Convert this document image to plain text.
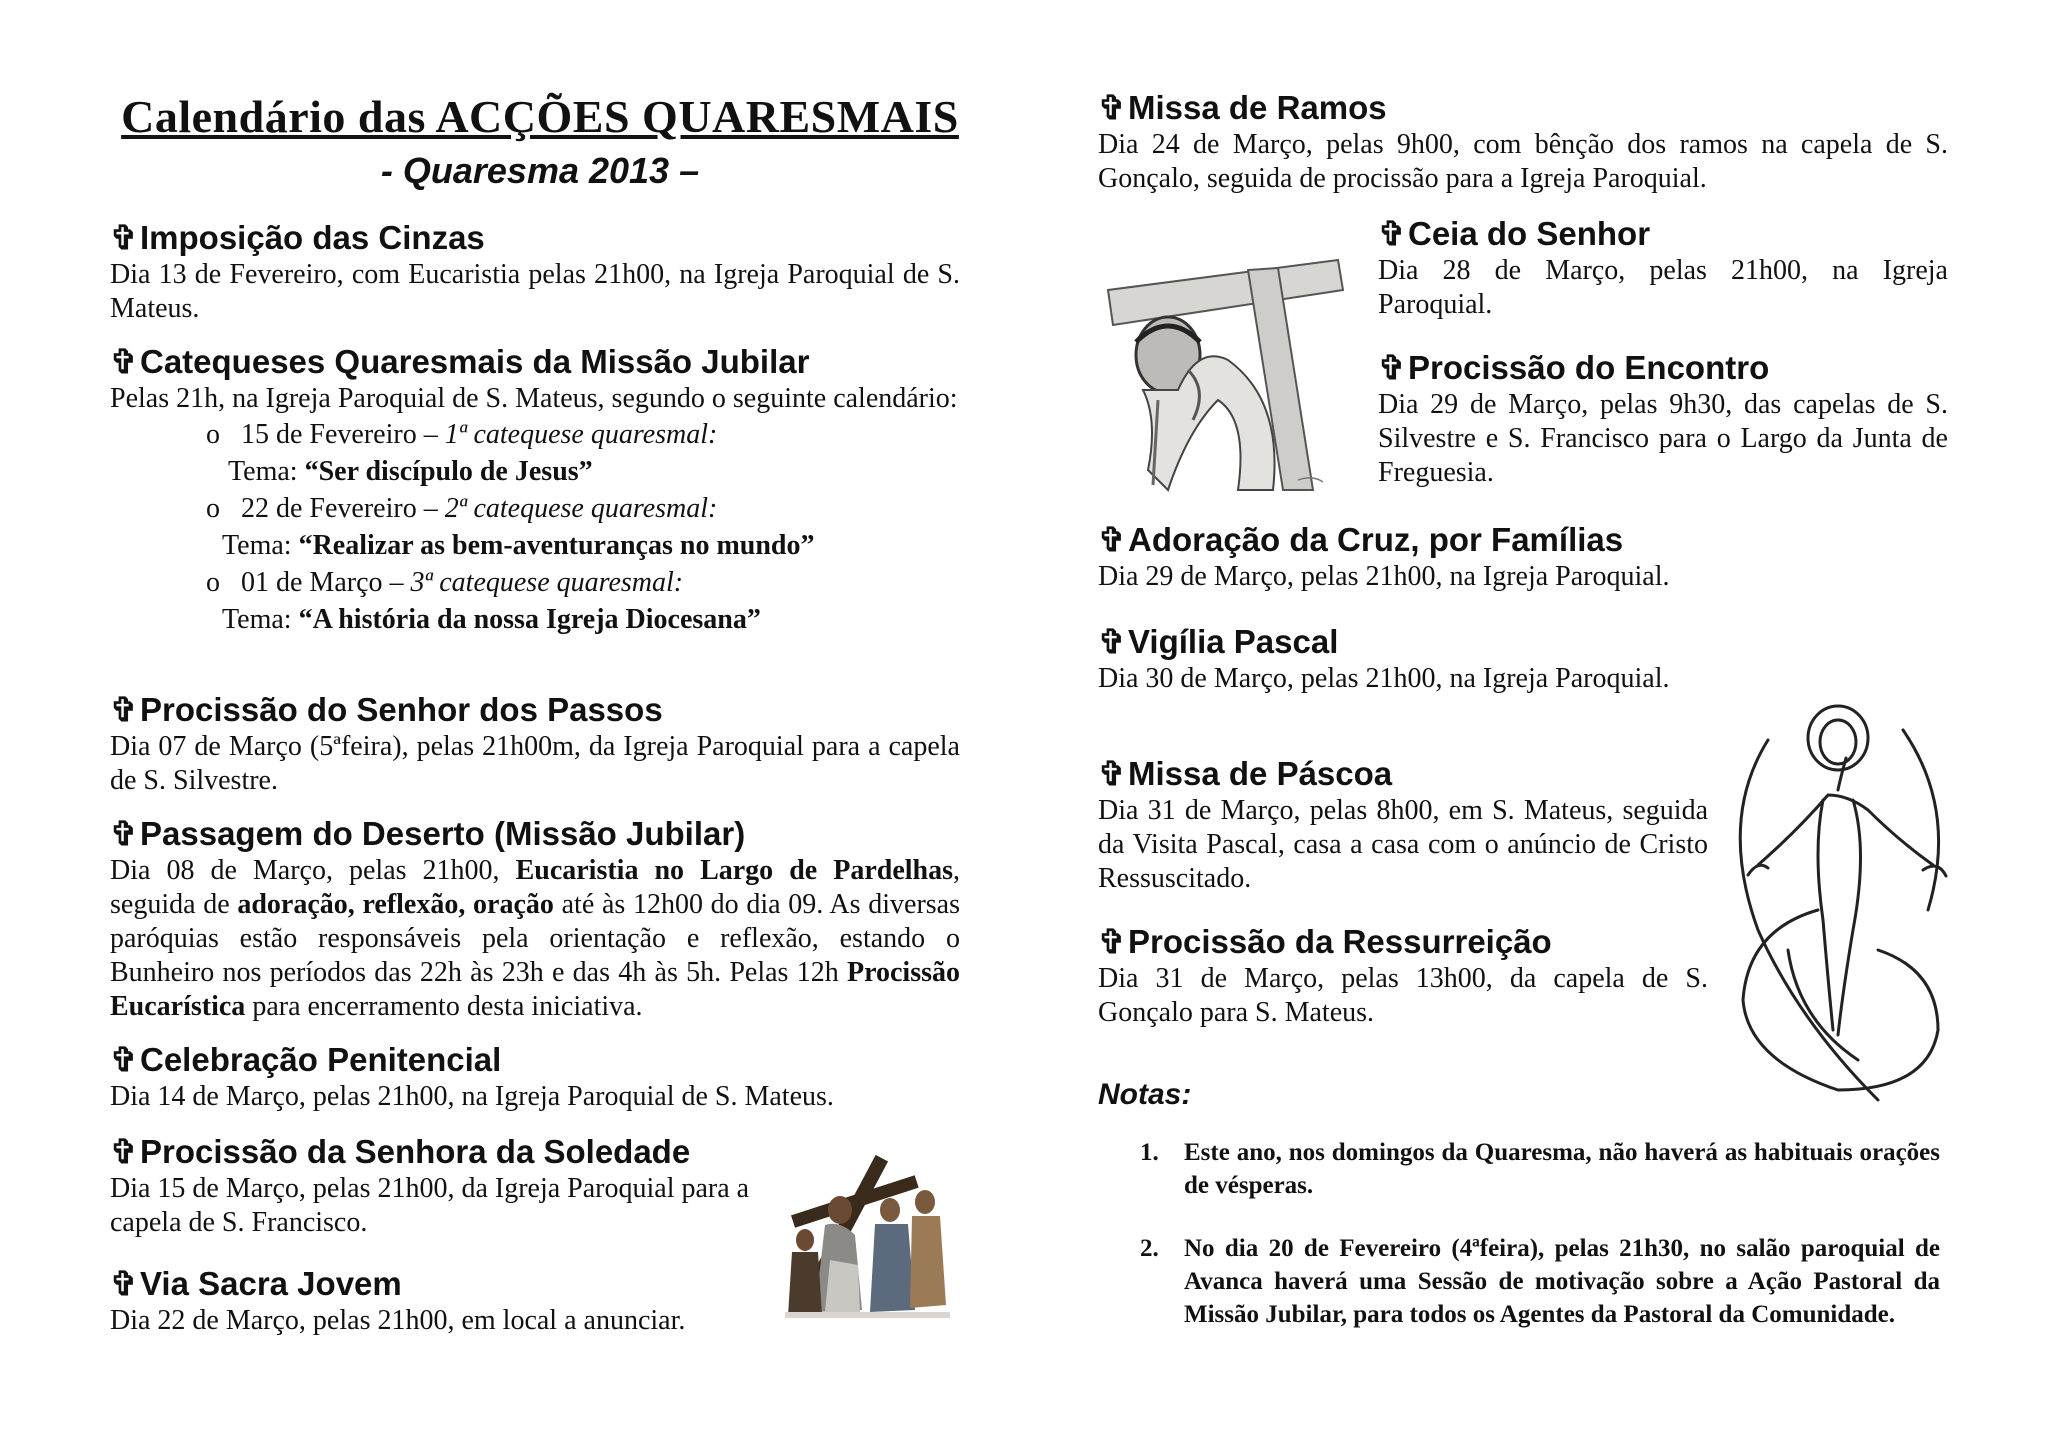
Calendário das ACÇÕES QUARESMAIS
- Quaresma 2013 –
✞Imposição das Cinzas
Dia 13 de Fevereiro, com Eucaristia pelas 21h00, na Igreja Paroquial de S. Mateus.
✞Catequeses Quaresmais da Missão Jubilar
Pelas 21h, na Igreja Paroquial de S. Mateus, segundo o seguinte calendário:
o 15 de Fevereiro – 1ª catequese quaresmal:
Tema: “Ser discípulo de Jesus”
o 22 de Fevereiro – 2ª catequese quaresmal:
Tema: “Realizar as bem-aventuranças no mundo”
o 01 de Março – 3ª catequese quaresmal:
Tema: “A história da nossa Igreja Diocesana”
✞Procissão do Senhor dos Passos
Dia 07 de Março (5ªfeira), pelas 21h00m, da Igreja Paroquial para a capela de S. Silvestre.
✞Passagem do Deserto (Missão Jubilar)
Dia 08 de Março, pelas 21h00, Eucaristia no Largo de Pardelhas, seguida de adoração, reflexão, oração até às 12h00 do dia 09. As diversas paróquias estão responsáveis pela orientação e reflexão, estando o Bunheiro nos períodos das 22h às 23h e das 4h às 5h. Pelas 12h Procissão Eucarística para encerramento desta iniciativa.
✞Celebração Penitencial
Dia 14 de Março, pelas 21h00, na Igreja Paroquial de S. Mateus.
✞Procissão da Senhora da Soledade
Dia 15 de Março, pelas 21h00, da Igreja Paroquial para a capela de S. Francisco.
✞Via Sacra Jovem
Dia 22 de Março, pelas 21h00, em local a anunciar.
✞Missa de Ramos
Dia 24 de Março, pelas 9h00, com bênção dos ramos na capela de S. Gonçalo, seguida de procissão para a Igreja Paroquial.
✞Ceia do Senhor
Dia 28 de Março, pelas 21h00, na Igreja Paroquial.
✞Procissão do Encontro
Dia 29 de Março, pelas 9h30, das capelas de S. Silvestre e S. Francisco para o Largo da Junta de Freguesia.
✞Adoração da Cruz, por Famílias
Dia 29 de Março, pelas 21h00, na Igreja Paroquial.
✞Vigília Pascal
Dia 30 de Março, pelas 21h00, na Igreja Paroquial.
✞Missa de Páscoa
Dia 31 de Março, pelas 8h00, em S. Mateus, seguida da Visita Pascal, casa a casa com o anúncio de Cristo Ressuscitado.
✞Procissão da Ressurreição
Dia 31 de Março, pelas 13h00, da capela de S. Gonçalo para S. Mateus.
Notas:
1. Este ano, nos domingos da Quaresma, não haverá as habituais orações de vésperas.
2. No dia 20 de Fevereiro (4ªfeira), pelas 21h30, no salão paroquial de Avanca haverá uma Sessão de motivação sobre a Ação Pastoral da Missão Jubilar, para todos os Agentes da Pastoral da Comunidade.
